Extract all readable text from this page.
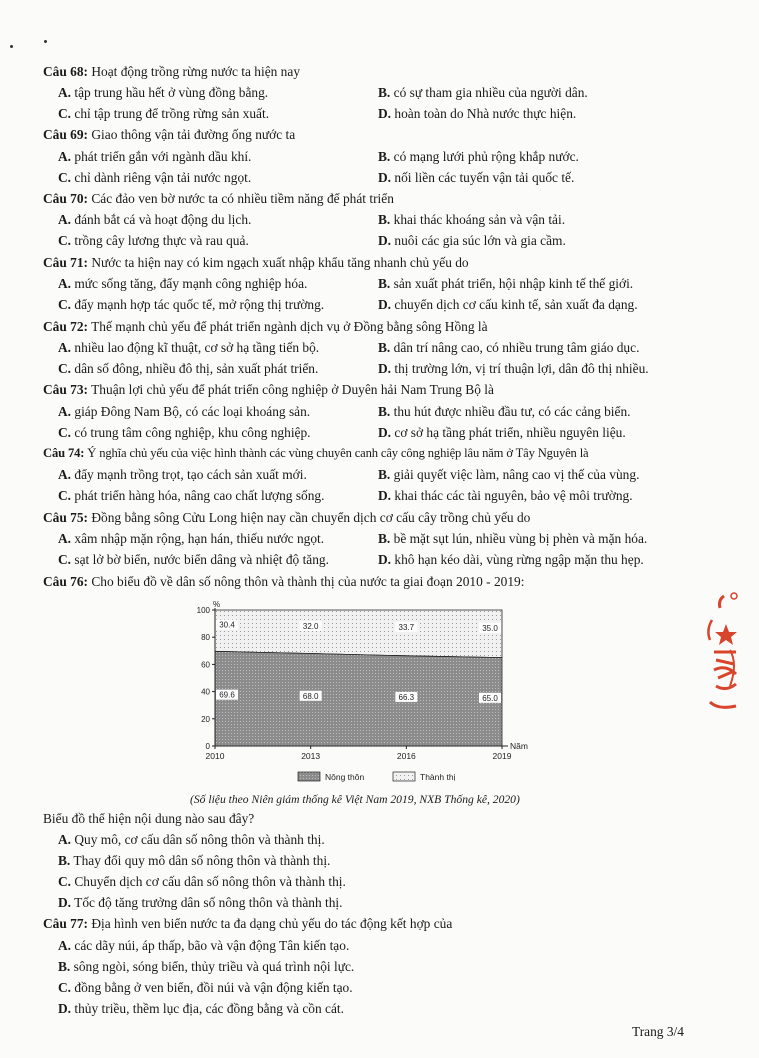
Câu 68: Hoạt động trồng rừng nước ta hiện nay
A. tập trung hầu hết ở vùng đồng bằng.	B. có sự tham gia nhiều của người dân.
C. chỉ tập trung để trồng rừng sản xuất.	D. hoàn toàn do Nhà nước thực hiện.
Câu 69: Giao thông vận tải đường ống nước ta
A. phát triển gắn với ngành dầu khí.	B. có mạng lưới phủ rộng khắp nước.
C. chỉ dành riêng vận tải nước ngọt.	D. nối liền các tuyến vận tải quốc tế.
Câu 70: Các đảo ven bờ nước ta có nhiều tiềm năng để phát triển
A. đánh bắt cá và hoạt động du lịch.	B. khai thác khoáng sản và vận tải.
C. trồng cây lương thực và rau quả.	D. nuôi các gia súc lớn và gia cầm.
Câu 71: Nước ta hiện nay có kim ngạch xuất nhập khẩu tăng nhanh chủ yếu do
A. mức sống tăng, đẩy mạnh công nghiệp hóa.	B. sản xuất phát triển, hội nhập kinh tế thế giới.
C. đẩy mạnh hợp tác quốc tế, mở rộng thị trường.	D. chuyển dịch cơ cấu kinh tế, sản xuất đa dạng.
Câu 72: Thế mạnh chủ yếu để phát triển ngành dịch vụ ở Đồng bằng sông Hồng là
A. nhiều lao động kĩ thuật, cơ sở hạ tầng tiến bộ.	B. dân trí nâng cao, có nhiều trung tâm giáo dục.
C. dân số đông, nhiều đô thị, sản xuất phát triển.	D. thị trường lớn, vị trí thuận lợi, dân đô thị nhiều.
Câu 73: Thuận lợi chủ yếu để phát triển công nghiệp ở Duyên hải Nam Trung Bộ là
A. giáp Đông Nam Bộ, có các loại khoáng sản.	B. thu hút được nhiều đầu tư, có các cảng biển.
C. có trung tâm công nghiệp, khu công nghiệp.	D. cơ sở hạ tầng phát triển, nhiều nguyên liệu.
Câu 74: Ý nghĩa chủ yếu của việc hình thành các vùng chuyên canh cây công nghiệp lâu năm ở Tây Nguyên là
A. đẩy mạnh trồng trọt, tạo cách sản xuất mới.	B. giải quyết việc làm, nâng cao vị thế của vùng.
C. phát triển hàng hóa, nâng cao chất lượng sống.	D. khai thác các tài nguyên, bảo vệ môi trường.
Câu 75: Đồng bằng sông Cửu Long hiện nay cần chuyển dịch cơ cấu cây trồng chủ yếu do
A. xâm nhập mặn rộng, hạn hán, thiếu nước ngọt.	B. bề mặt sụt lún, nhiều vùng bị phèn và mặn hóa.
C. sạt lở bờ biển, nước biển dâng và nhiệt độ tăng.	D. khô hạn kéo dài, vùng rừng ngập mặn thu hẹp.
Câu 76: Cho biểu đồ về dân số nông thôn và thành thị của nước ta giai đoạn 2010 - 2019:
100
80
60
40
20
0
%
2010	2013	2016	2019
Năm
30.4
69.6
32.0
68.0
33.7
66.3
35.0
65.0
Nông thôn	Thành thị
(Số liệu theo Niên giám thống kê Việt Nam 2019, NXB Thống kê, 2020)
Biểu đồ thể hiện nội dung nào sau đây?
A. Quy mô, cơ cấu dân số nông thôn và thành thị.
B. Thay đổi quy mô dân số nông thôn và thành thị.
C. Chuyển dịch cơ cấu dân số nông thôn và thành thị.
D. Tốc độ tăng trưởng dân số nông thôn và thành thị.
Câu 77: Địa hình ven biển nước ta đa dạng chủ yếu do tác động kết hợp của
A. các dãy núi, áp thấp, bão và vận động Tân kiến tạo.
B. sông ngòi, sóng biển, thủy triều và quá trình nội lực.
C. đồng bằng ở ven biển, đồi núi và vận động kiến tạo.
D. thủy triều, thềm lục địa, các đồng bằng và cồn cát.
Trang 3/4
